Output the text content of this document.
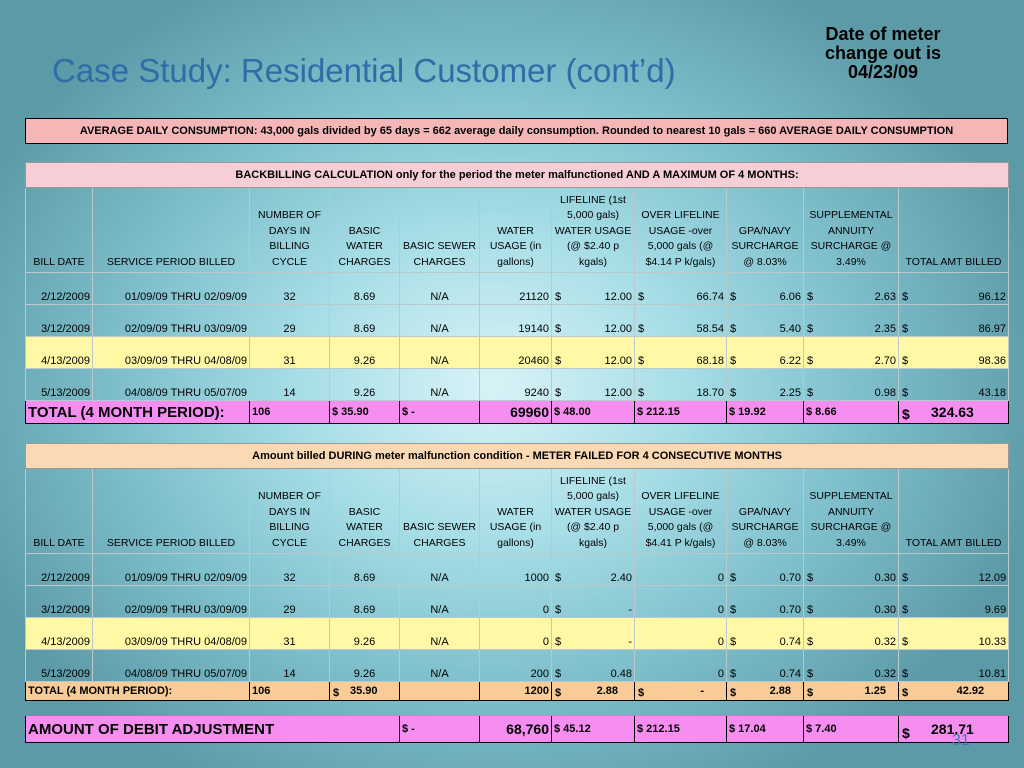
Case Study: Residential Customer (cont’d)
Date of meter
change out is
04/23/09
AVERAGE DAILY CONSUMPTION: 43,000 gals divided by 65 days = 662 average daily consumption. Rounded to nearest 10 gals = 660 AVERAGE DAILY CONSUMPTION
BACKBILLING CALCULATION only for the period the meter malfunctioned AND A MAXIMUM OF 4 MONTHS:										
BILL DATE	SERVICE PERIOD BILLED	NUMBER OF DAYS IN BILLING CYCLE	BASIC WATER CHARGES	BASIC SEWER CHARGES	WATER USAGE (in gallons)	LIFELINE (1st 5,000 gals) WATER USAGE (@ $2.40 p kgals)	OVER LIFELINE USAGE -over 5,000 gals (@ $4.14 P k/gals)	GPA/NAVY SURCHARGE @ 8.03%	SUPPLEMENTAL ANNUITY SURCHARGE @ 3.49%	TOTAL AMT BILLED
2/12/2009	01/09/09 THRU 02/09/09	32	8.69	N/A	21120	$ 12.00	$ 66.74	$ 6.06	$ 2.63	$ 96.12
3/12/2009	02/09/09 THRU 03/09/09	29	8.69	N/A	19140	$ 12.00	$ 58.54	$ 5.40	$ 2.35	$ 86.97
4/13/2009	03/09/09 THRU 04/08/09	31	9.26	N/A	20460	$ 12.00	$ 68.18	$ 6.22	$ 2.70	$ 98.36
5/13/2009	04/08/09 THRU 05/07/09	14	9.26	N/A	9240	$ 12.00	$ 18.70	$ 2.25	$ 0.98	$ 43.18
TOTAL (4 MONTH PERIOD):		106	$ 35.90	$ -	69960	$ 48.00	$ 212.15	$ 19.92	$ 8.66	$ 324.63
Amount billed DURING meter malfunction condition - METER FAILED FOR 4 CONSECUTIVE MONTHS										
BILL DATE	SERVICE PERIOD BILLED	NUMBER OF DAYS IN BILLING CYCLE	BASIC WATER CHARGES	BASIC SEWER CHARGES	WATER USAGE (in gallons)	LIFELINE (1st 5,000 gals) WATER USAGE (@ $2.40 p kgals)	OVER LIFELINE USAGE -over 5,000 gals (@ $4.41 P k/gals)	GPA/NAVY SURCHARGE @ 8.03%	SUPPLEMENTAL ANNUITY SURCHARGE @ 3.49%	TOTAL AMT BILLED
2/12/2009	01/09/09 THRU 02/09/09	32	8.69	N/A	1000	$ 2.40	0	$ 0.70	$ 0.30	$ 12.09
3/12/2009	02/09/09 THRU 03/09/09	29	8.69	N/A	0	$ -	0	$ 0.70	$ 0.30	$ 9.69
4/13/2009	03/09/09 THRU 04/08/09	31	9.26	N/A	0	$ -	0	$ 0.74	$ 0.32	$ 10.33
5/13/2009	04/08/09 THRU 05/07/09	14	9.26	N/A	200	$ 0.48	0	$ 0.74	$ 0.32	$ 10.81
TOTAL (4 MONTH PERIOD):		106	$ 35.90		1200	$ 2.88	$ -	$ 2.88	$ 1.25	$ 42.92

AMOUNT OF DEBIT ADJUSTMENT				$ -	68,760	$ 45.12	$ 212.15	$ 17.04	$ 7.40	$ 281.71
31
